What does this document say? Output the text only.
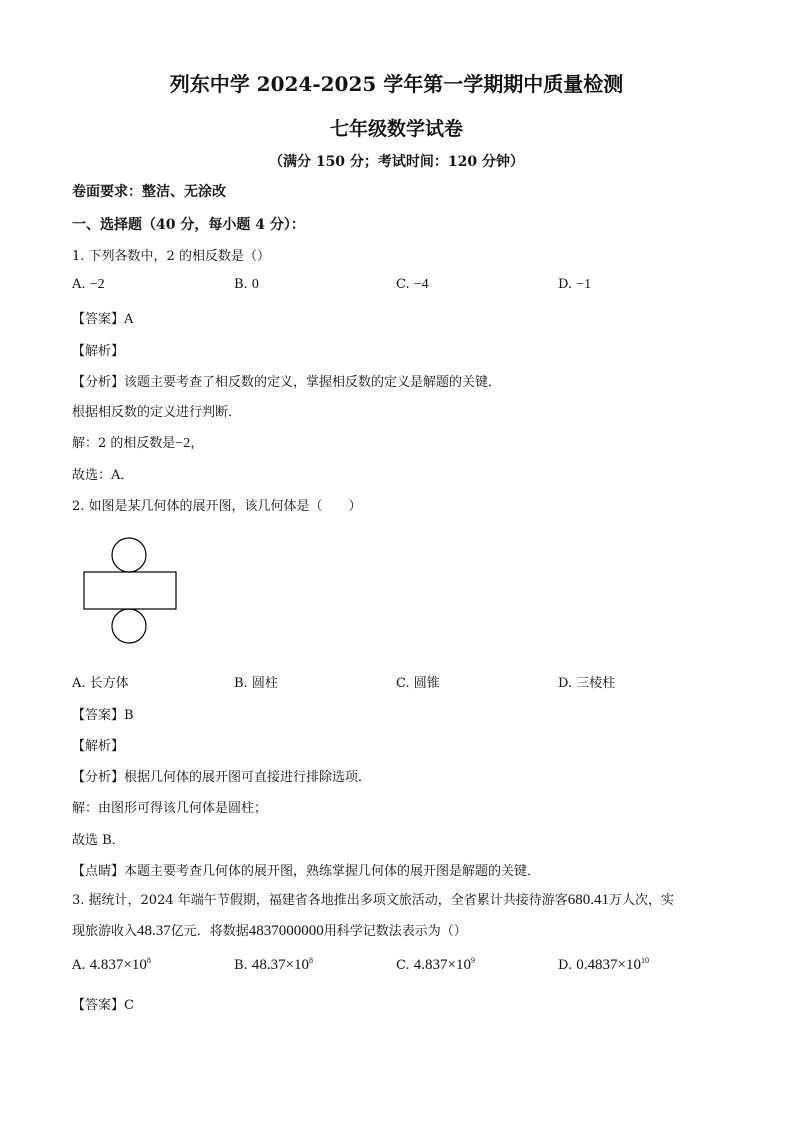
列东中学 2024-2025 学年第一学期期中质量检测
七年级数学试卷
（满分 150 分；考试时间：120 分钟）
卷面要求：整洁、无涂改
一、选择题（40 分，每小题 4 分）：
1. 下列各数中，2 的相反数是（）
A. −2	B. 0	C. −4	D. −1
【答案】A
【解析】
【分析】该题主要考查了相反数的定义，掌握相反数的定义是解题的关键．
根据相反数的定义进行判断．
解：2 的相反数是−2，
故选：A．
2. 如图是某几何体的展开图，该几何体是（　　）
A. 长方体	B. 圆柱	C. 圆锥	D. 三棱柱
【答案】B
【解析】
【分析】根据几何体的展开图可直接进行排除选项．
解：由图形可得该几何体是圆柱；
故选 B．
【点睛】本题主要考查几何体的展开图，熟练掌握几何体的展开图是解题的关键．
3. 据统计，2024 年端午节假期，福建省各地推出多项文旅活动，全省累计共接待游客680.41万人次，实
现旅游收入48.37亿元．将数据4837000000用科学记数法表示为（）
A. $4.837\times 10^8$	B. $48.37\times 10^8$	C. $4.837\times 10^9$	D. $0.4837\times 10^{10}$
【答案】C
